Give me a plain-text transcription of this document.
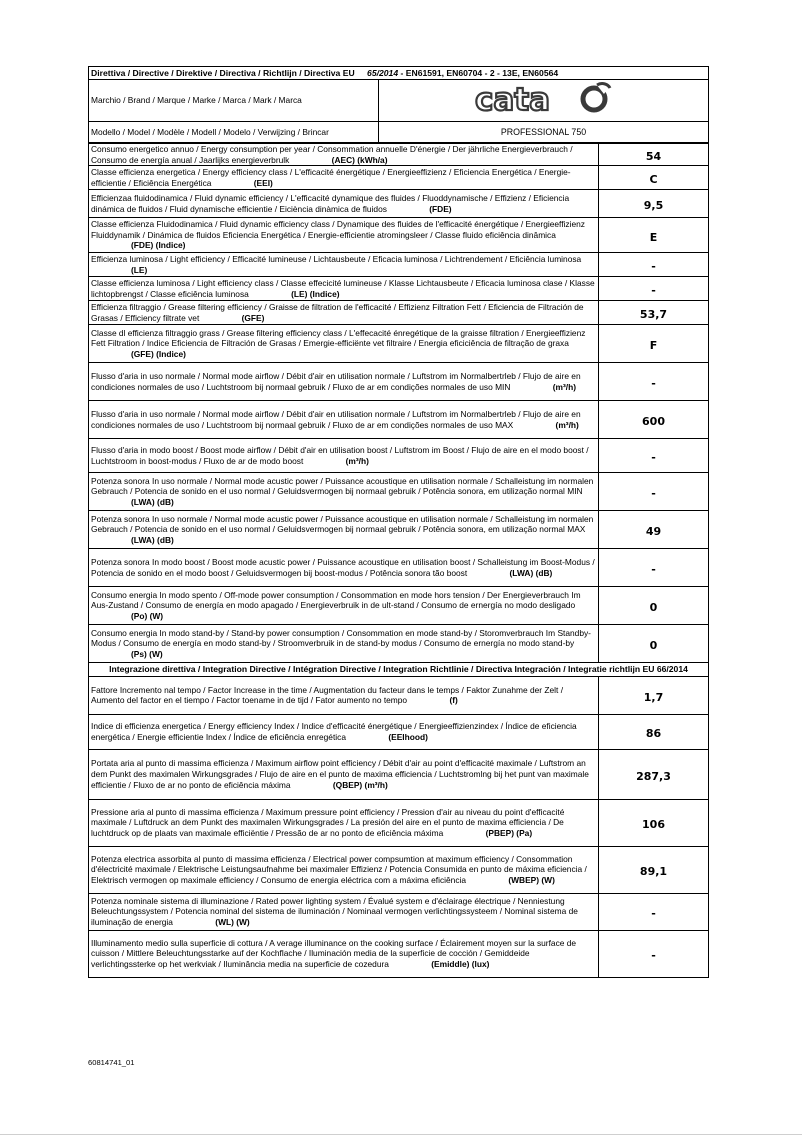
Direttiva / Directive / Direktive / Directiva / Richtlijn / Directiva EU 65/2014 - EN61591, EN60704 - 2 - 13E, EN60564	
Marchio / Brand / Marque / Marke / Marca / Mark / Marca	cata

Modello / Model / Modèle / Modell / Modelo / Verwijzing / Brincar	PROFESSIONAL 750
Consumo energetico annuo / Energy consumption per year / Consommation annuelle D'énergie / Der jährliche Energieverbrauch / Consumo de energía anual / Jaarlijks energieverbrulk (AEC) (kWh/a)	54
Classe efficienza energetica / Energy efficiency class / L'efficacité énergétique / Energieeffizienz / Eficiencia Energética / Energie-efficientie / Eficiência Energética (EEI)	C
Efficienzaa fluidodinamica / Fluid dynamic efficiency / L'efficacité dynamique des fluides / Fluoddynamische / Effizienz / Eficiencia dinámica de fluidos / Fluid dynamische efficientie / Eiciència dinàmica de fluidos (FDE)	9,5
Classe efficienza Fluidodinamica / Fluid dynamic efficiency class / Dynamique des fluides de l'efficacité énergétique / Energieeffizienz Fluiddynamik / Dinámica de fluidos Eficiencia Energética / Energie-efficientie atromingsleer / Classe fluido eficiência dinâmica (FDE) (Indice)	E
Efficienza luminosa / Light efficiency / Efficacité lumineuse / Lichtausbeute / Eficacia luminosa / Lichtrendement / Eficiência luminosa (LE)	-
Classe efficienza luminosa / Light efficiency class / Classe effecicité lumineuse / Klasse Lichtausbeute / Eficacia luminosa clase / Klasse lichtopbrengst / Classe eficiência luminosa (LE) (Indice)	-
Efficienza filtraggio / Grease filtering efficiency / Graisse de filtration de l'efficacité / Effizienz Filtration Fett / Eficiencia de Filtración de Grasas / Efficiency filtrate vet (GFE)	53,7
Classe dl efficienza filtraggio grass / Grease filtering efficiency class / L'effecacité énregétique de la graisse filtration / Energieeffizienz Fett Filtration / Indice Eficiencia de Filtración de Grasas / Emergie-efficiënte vet filtraire / Energia eficiciência de filtração de graxa (GFE) (Indice)	F
Flusso d'aria in uso normale / Normal mode airflow / Débit d'air en utilisation normale / Luftstrom im Normalbertrleb / Flujo de aire en condiciones normales de uso / Luchtstroom bij normaal gebruik / Fluxo de ar em condições normales de uso MIN (m³/h)	-
Flusso d'aria in uso normale / Normal mode airflow / Débit d'air en utilisation normale / Luftstrom im Normalbertrleb / Flujo de aire en condiciones normales de uso / Luchtstroom bij normaal gebruik / Fluxo de ar em condições normales de uso MAX (m³/h)	600
Flusso d'aria in modo boost / Boost mode airflow / Débit d'air en utilisation boost / Luftstrom im Boost / Flujo de aire en el modo boost / Luchtstroom in boost-modus / Fluxo de ar de modo boost (m³/h)	-
Potenza sonora In uso normale / Normal mode acustic power / Puissance acoustique en utilisation normale / Schalleistung im normalen Gebrauch / Potencia de sonido en el uso normal / Geluidsvermogen bij normaal gebruik / Potência sonora, em utilização normal MIN (LWA) (dB)	-
Potenza sonora In uso normale / Normal mode acustic power / Puissance acoustique en utilisation normale / Schalleistung im normalen Gebrauch / Potencia de sonido en el uso normal / Geluidsvermogen bij normaal gebruik / Potência sonora, em utilização normal MAX (LWA) (dB)	49
Potenza sonora In modo boost / Boost mode acustic power / Puissance acoustique en utilisation boost / Schalleistung im Boost-Modus / Potencia de sonido en el modo boost / Geluidsvermogen bij boost-modus / Potência sonora tão boost (LWA) (dB)	-
Consumo energia In modo spento / Off-mode power consumption / Consommation en mode hors tension / Der Energieverbrauch Im Aus-Zustand / Consumo de energía en modo apagado / Energieverbruik in de ult-stand / Consumo de ernergía no modo desligado (Po) (W)	0
Consumo energia In modo stand-by / Stand-by power consumption / Consommation en mode stand-by / Storomverbrauch Im Standby-Modus / Consumo de energía en modo stand-by / Stroomverbruik in de stand-by modus / Consumo de ernergía no modo stand-by (Ps) (W)	0
Integrazione direttiva / Integration Directive / Intégration Directive / Integration Richtlinie / Directiva Integración / Integratie richtlijn EU 66/2014	
Fattore Incremento nal tempo / Factor Increase in the time / Augmentation du facteur dans le temps / Faktor Zunahme der Zelt / Aumento del factor en el tiempo / Factor toename in de tijd / Fator aumento no tempo (f)	1,7
Indice di efficienza energetica / Energy efficiency Index / Indice d'efficacité énergétique / Energieeffizienzindex / Índice de eficiencia energética / Energie efficientie Index / Índice de eficiência enregética (EEIhood)	86
Portata aria al punto di massima efficienza / Maximum airflow point efficiency / Débit d'air au point d'efficacité maximale / Luftstrom an dem Punkt des maximalen Wirkungsgrades / Flujo de aire en el punto de maxima efficiencia / Luchtstromlng bij het punt van maximale efficientie / Fluxo de ar no ponto de eficiência máxima (QBEP) (m³/h)	287,3
Pressione aria al punto di massima efficienza / Maximum pressure point efficiency / Pression d'air au niveau du point d'efficacité maximale / Luftdruck an dem Punkt des maximalen Wirkungsgrades / La presión del aire en el punto de maxima efficiencia / De luchtdruck op de plaats van maximale efficiëntie / Pressão de ar no ponto de eficiência máxima (PBEP) (Pa)	106
Potenza electrica assorbita al punto di massima efficienza / Electrical power compsumtion at maximum efficiency / Consommation d'électricité maximale / Elektrische Leistungsaufnahme bei maximaler Effizienz / Potencia Consumida en punto de máxima eficiencia / Elektrisch vermogen op maximale efficiency / Consumo de energia eléctrica com a máxima eficiência (WBEP) (W)	89,1
Potenza nominale sistema di illuminazione / Rated power lighting system / Évalué system e d'éclairage électrique / Nenniestung Beleuchtungssystem / Potencia nominal del sistema de iluminación / Nominaal vermogen verlichtingssysteem / Nominal sistema de iluminação de energia (WL) (W)	-
Illuminamento medio sulla superficie di cottura / A verage illuminance on the cooking surface / Éclairement moyen sur la surface de cuisson / Mittlere Beleuchtungsstarke auf der Kochflache / Iluminación media de la superficie de cocción / Gemiddeide verlichtingssterke op het werkviak / Iluminância media na superficie de cozedura (Emiddle) (lux)	-
60814741_01
